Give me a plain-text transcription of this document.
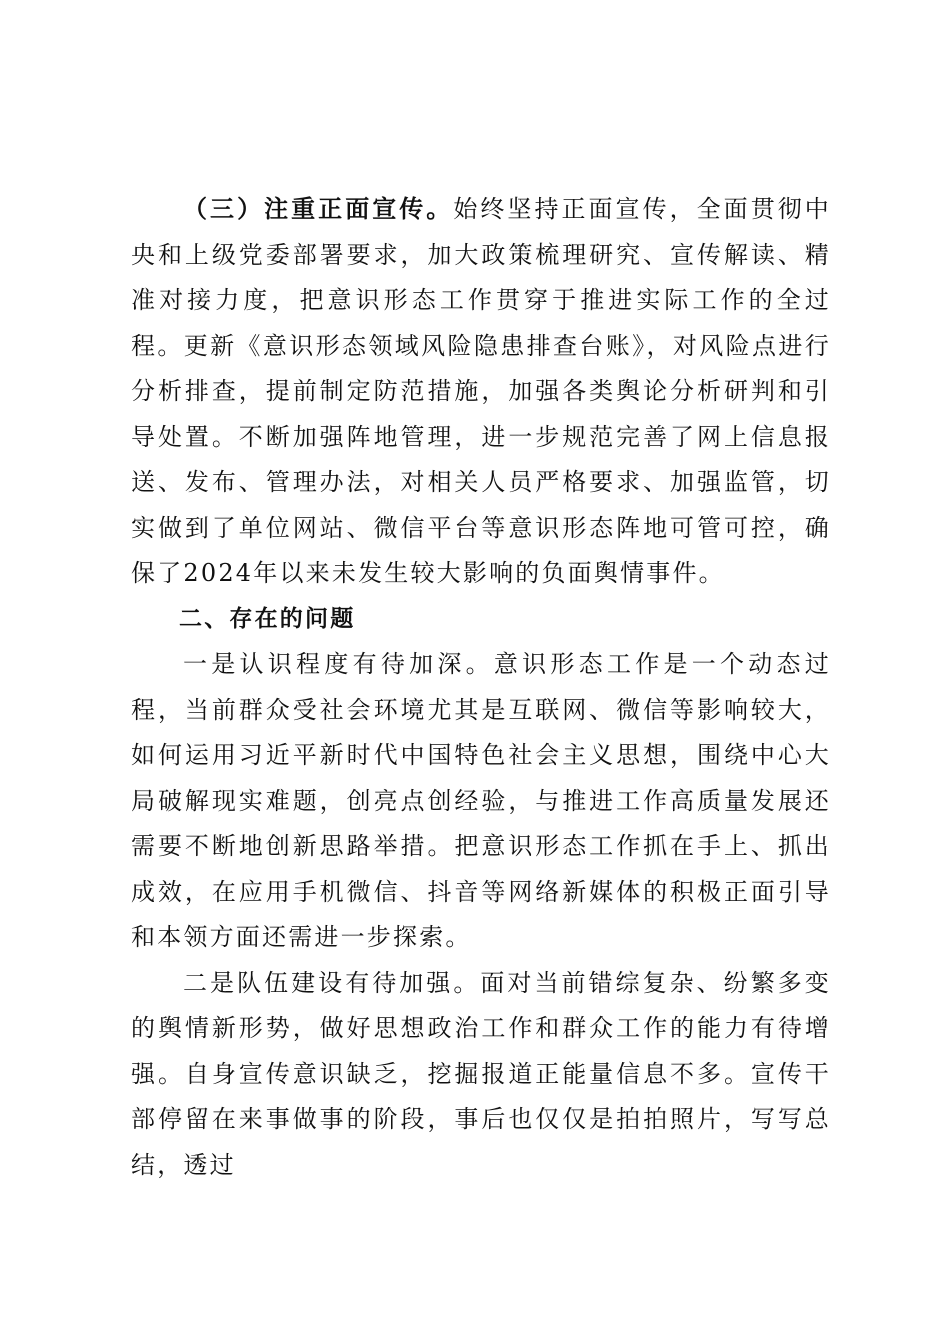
（三）注重正面宣传。始终坚持正面宣传，全面贯彻中央和上级党委部署要求，加大政策梳理研究、宣传解读、精准对接力度，把意识形态工作贯穿于推进实际工作的全过程。更新《意识形态领域风险隐患排查台账》，对风险点进行分析排查，提前制定防范措施，加强各类舆论分析研判和引导处置。不断加强阵地管理，进一步规范完善了网上信息报送、发布、管理办法，对相关人员严格要求、加强监管，切实做到了单位网站、微信平台等意识形态阵地可管可控，确保了2024年以来未发生较大影响的负面舆情事件。

二、存在的问题

一是认识程度有待加深。意识形态工作是一个动态过程，当前群众受社会环境尤其是互联网、微信等影响较大，如何运用习近平新时代中国特色社会主义思想，围绕中心大局破解现实难题，创亮点创经验，与推进工作高质量发展还需要不断地创新思路举措。把意识形态工作抓在手上、抓出成效，在应用手机微信、抖音等网络新媒体的积极正面引导和本领方面还需进一步探索。

二是队伍建设有待加强。面对当前错综复杂、纷繁多变的舆情新形势，做好思想政治工作和群众工作的能力有待增强。自身宣传意识缺乏，挖掘报道正能量信息不多。宣传干部停留在来事做事的阶段，事后也仅仅是拍拍照片，写写总结，透过
